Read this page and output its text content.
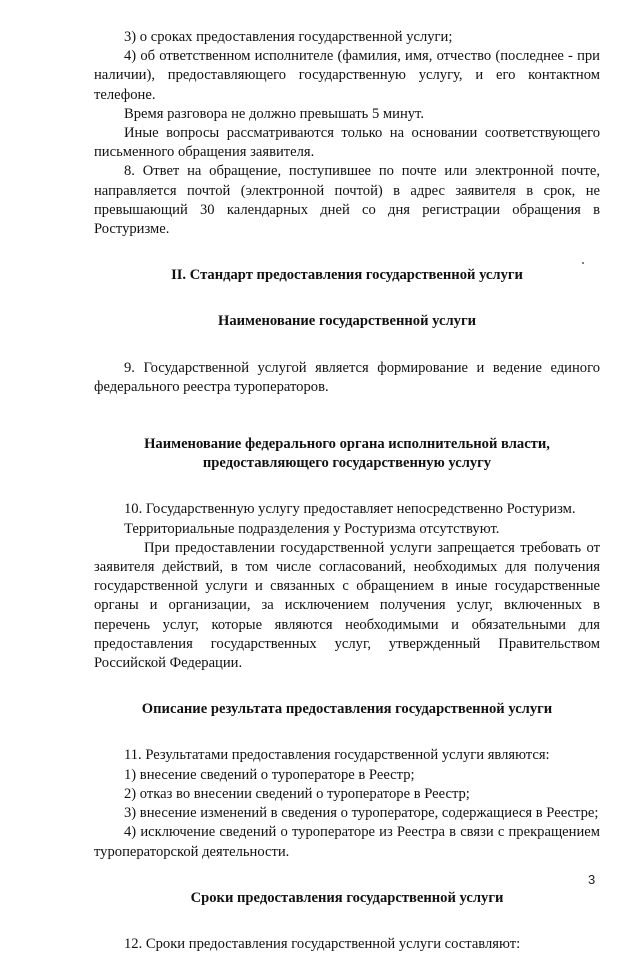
3) о сроках предоставления государственной услуги;

4) об ответственном исполнителе (фамилия, имя, отчество (последнее - при наличии), предоставляющего государственную услугу, и его контактном телефоне.

Время разговора не должно превышать 5 минут.

Иные вопросы рассматриваются только на основании соответствующего письменного обращения заявителя.

8. Ответ на обращение, поступившее по почте или электронной почте, направляется почтой (электронной почтой) в адрес заявителя в срок, не превышающий 30 календарных дней со дня регистрации обращения в Ростуризме.

II. Стандарт предоставления государственной услуги

Наименование государственной услуги

9. Государственной услугой является формирование и ведение единого федерального реестра туроператоров.

Наименование федерального органа исполнительной власти,

предоставляющего государственную услугу

10. Государственную услугу предоставляет непосредственно Ростуризм.

Территориальные подразделения у Ростуризма отсутствуют.

При предоставлении государственной услуги запрещается требовать от заявителя действий, в том числе согласований, необходимых для получения государственной услуги и связанных с обращением в иные государственные органы и организации, за исключением получения услуг, включенных в перечень услуг, которые являются необходимыми и обязательными для предоставления государственных услуг, утвержденный Правительством Российской Федерации.

Описание результата предоставления государственной услуги

11. Результатами предоставления государственной услуги являются:

1) внесение сведений о туроператоре в Реестр;

2) отказ во внесении сведений о туроператоре в Реестр;

3) внесение изменений в сведения о туроператоре, содержащиеся в Реестре;

4) исключение сведений о туроператоре из Реестра в связи с прекращением туроператорской деятельности.

Сроки предоставления государственной услуги

12. Сроки предоставления государственной услуги составляют:

3
